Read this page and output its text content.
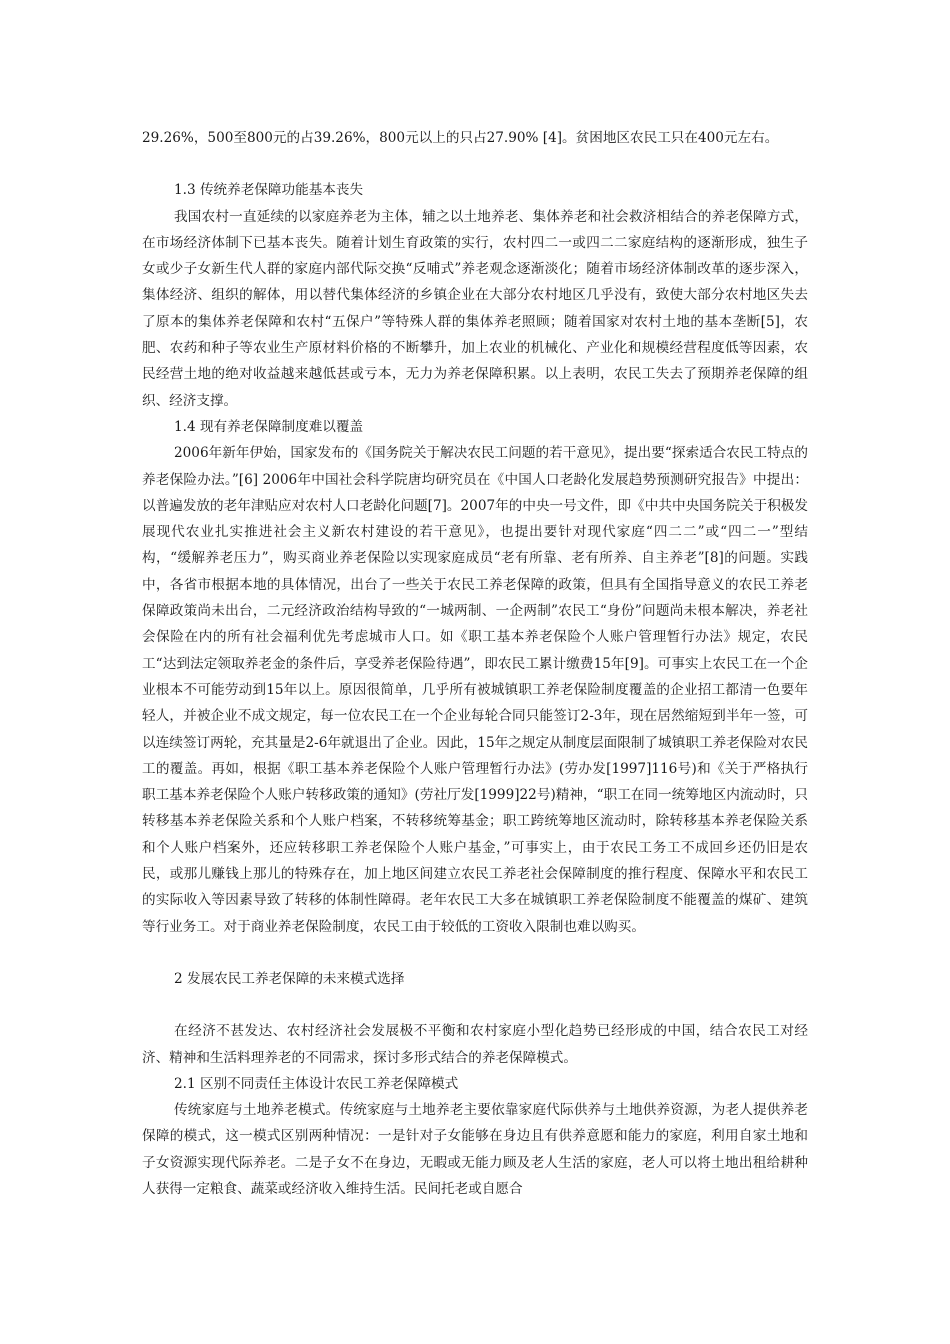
29.26%，500至800元的占39.26%，800元以上的只占27.90% [4]。贫困地区农民工只在400元左右。

1.3 传统养老保障功能基本丧失

我国农村一直延续的以家庭养老为主体，辅之以土地养老、集体养老和社会救济相结合的养老保障方式，在市场经济体制下已基本丧失。随着计划生育政策的实行，农村四二一或四二二家庭结构的逐渐形成，独生子女或少子女新生代人群的家庭内部代际交换“反哺式”养老观念逐渐淡化；随着市场经济体制改革的逐步深入，集体经济、组织的解体，用以替代集体经济的乡镇企业在大部分农村地区几乎没有，致使大部分农村地区失去了原本的集体养老保障和农村“五保户”等特殊人群的集体养老照顾；随着国家对农村土地的基本垄断[5]，农肥、农药和种子等农业生产原材料价格的不断攀升，加上农业的机械化、产业化和规模经营程度低等因素，农民经营土地的绝对收益越来越低甚或亏本，无力为养老保障积累。以上表明，农民工失去了预期养老保障的组织、经济支撑。

1.4 现有养老保障制度难以覆盖

2006年新年伊始，国家发布的《国务院关于解决农民工问题的若干意见》，提出要“探索适合农民工特点的养老保险办法。”[6] 2006年中国社会科学院唐均研究员在《中国人口老龄化发展趋势预测研究报告》中提出：以普遍发放的老年津贴应对农村人口老龄化问题[7]。2007年的中央一号文件，即《中共中央国务院关于积极发展现代农业扎实推进社会主义新农村建设的若干意见》，也提出要针对现代家庭“四二二”或“四二一”型结构，“缓解养老压力”，购买商业养老保险以实现家庭成员“老有所靠、老有所养、自主养老”[8]的问题。实践中，各省市根据本地的具体情况，出台了一些关于农民工养老保障的政策，但具有全国指导意义的农民工养老保障政策尚未出台，二元经济政治结构导致的“一城两制、一企两制”农民工“身份”问题尚未根本解决，养老社会保险在内的所有社会福利优先考虑城市人口。如《职工基本养老保险个人账户管理暂行办法》规定，农民工“达到法定领取养老金的条件后，享受养老保险待遇”，即农民工累计缴费15年[9]。可事实上农民工在一个企业根本不可能劳动到15年以上。原因很简单，几乎所有被城镇职工养老保险制度覆盖的企业招工都清一色要年轻人，并被企业不成文规定，每一位农民工在一个企业每轮合同只能签订2-3年，现在居然缩短到半年一签，可以连续签订两轮，充其量是2-6年就退出了企业。因此，15年之规定从制度层面限制了城镇职工养老保险对农民工的覆盖。再如，根据《职工基本养老保险个人账户管理暂行办法》(劳办发[1997]116号)和《关于严格执行职工基本养老保险个人账户转移政策的通知》(劳社厅发[1999]22号)精神，“职工在同一统筹地区内流动时，只转移基本养老保险关系和个人账户档案，不转移统筹基金；职工跨统筹地区流动时，除转移基本养老保险关系和个人账户档案外，还应转移职工养老保险个人账户基金，”可事实上，由于农民工务工不成回乡还仍旧是农民，或那儿赚钱上那儿的特殊存在，加上地区间建立农民工养老社会保障制度的推行程度、保障水平和农民工的实际收入等因素导致了转移的体制性障碍。老年农民工大多在城镇职工养老保险制度不能覆盖的煤矿、建筑等行业务工。对于商业养老保险制度，农民工由于较低的工资收入限制也难以购买。

2 发展农民工养老保障的未来模式选择

在经济不甚发达、农村经济社会发展极不平衡和农村家庭小型化趋势已经形成的中国，结合农民工对经济、精神和生活料理养老的不同需求，探讨多形式结合的养老保障模式。

2.1 区别不同责任主体设计农民工养老保障模式

传统家庭与土地养老模式。传统家庭与土地养老主要依靠家庭代际供养与土地供养资源，为老人提供养老保障的模式，这一模式区别两种情况：一是针对子女能够在身边且有供养意愿和能力的家庭，利用自家土地和子女资源实现代际养老。二是子女不在身边，无暇或无能力顾及老人生活的家庭，老人可以将土地出租给耕种人获得一定粮食、蔬菜或经济收入维持生活。民间托老或自愿合
